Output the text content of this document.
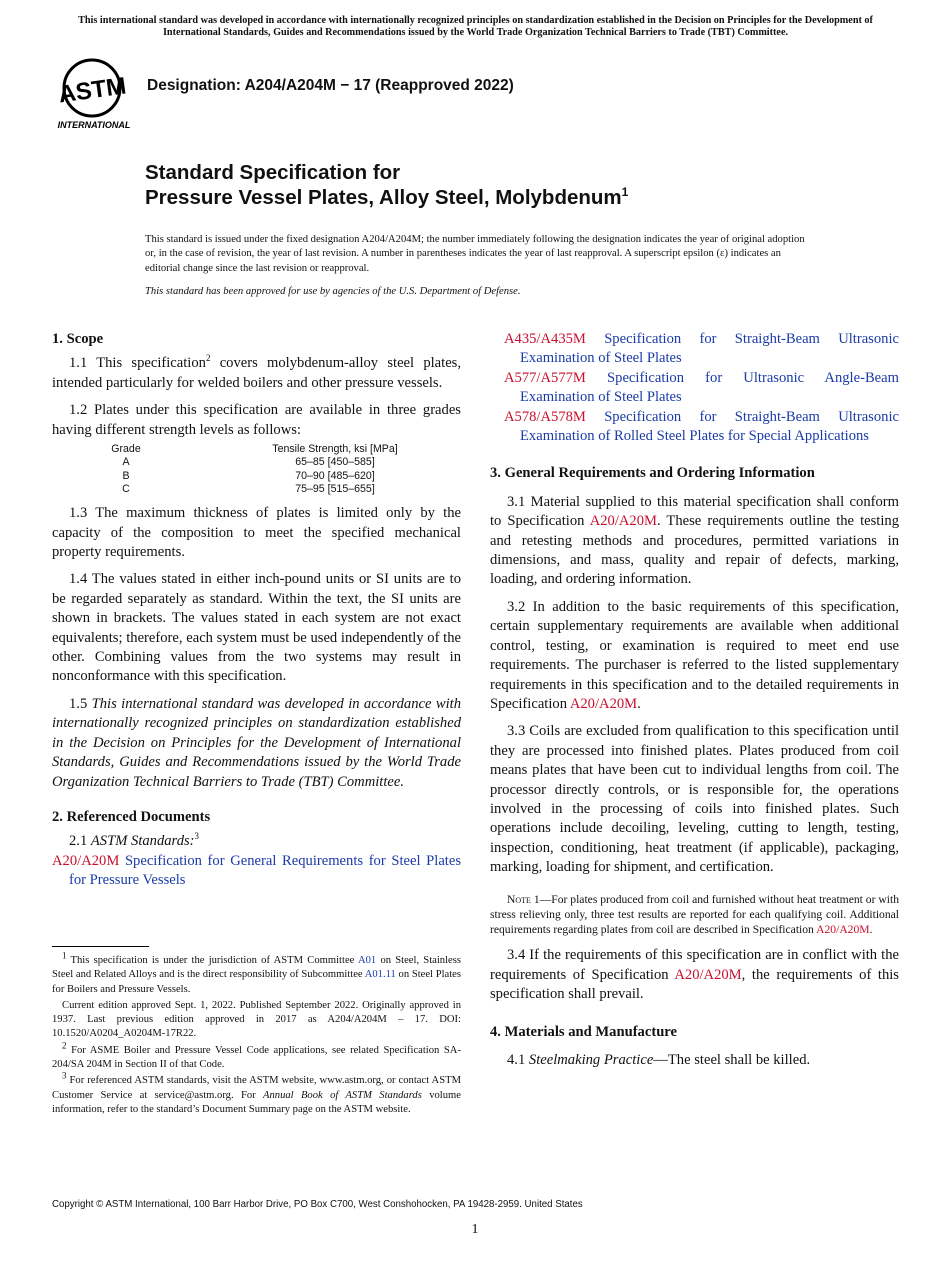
This international standard was developed in accordance with internationally recognized principles on standardization established in the Decision on Principles for the Development of International Standards, Guides and Recommendations issued by the World Trade Organization Technical Barriers to Trade (TBT) Committee.
ASTM
INTERNATIONAL
Designation: A204/A204M − 17 (Reapproved 2022)
Standard Specification for
Pressure Vessel Plates, Alloy Steel, Molybdenum$^1$
This standard is issued under the fixed designation A204/A204M; the number immediately following the designation indicates the year of original adoption or, in the case of revision, the year of last revision. A number in parentheses indicates the year of last reapproval. A superscript epsilon (ε) indicates an editorial change since the last revision or reapproval.
This standard has been approved for use by agencies of the U.S. Department of Defense.
1. Scope

1.1 This specification$^2$ covers molybdenum-alloy steel plates, intended particularly for welded boilers and other pressure vessels.

1.2 Plates under this specification are available in three grades having different strength levels as follows:

Grade	Tensile Strength, ksi [MPa]
A	65–85 [450–585]
B	70–90 [485–620]
C	75–95 [515–655]

1.3 The maximum thickness of plates is limited only by the capacity of the composition to meet the specified mechanical property requirements.

1.4 The values stated in either inch-pound units or SI units are to be regarded separately as standard. Within the text, the SI units are shown in brackets. The values stated in each system are not exact equivalents; therefore, each system must be used independently of the other. Combining values from the two systems may result in nonconformance with this specification.

1.5 This international standard was developed in accordance with internationally recognized principles on standardization established in the Decision on Principles for the Development of International Standards, Guides and Recommendations issued by the World Trade Organization Technical Barriers to Trade (TBT) Committee.

2. Referenced Documents

2.1 ASTM Standards:$^3$

A20/A20M Specification for General Requirements for Steel Plates for Pressure Vessels

$^1$ This specification is under the jurisdiction of ASTM Committee A01 on Steel, Stainless Steel and Related Alloys and is the direct responsibility of Subcommittee A01.11 on Steel Plates for Boilers and Pressure Vessels.

Current edition approved Sept. 1, 2022. Published September 2022. Originally approved in 1937. Last previous edition approved in 2017 as A204/A204M – 17. DOI: 10.1520/A0204_A0204M-17R22.

$^2$ For ASME Boiler and Pressure Vessel Code applications, see related Specification SA-204/SA 204M in Section II of that Code.

$^3$ For referenced ASTM standards, visit the ASTM website, www.astm.org, or contact ASTM Customer Service at service@astm.org. For Annual Book of ASTM Standards volume information, refer to the standard’s Document Summary page on the ASTM website.

A435/A435M Specification for Straight-Beam Ultrasonic Examination of Steel Plates
A577/A577M Specification for Ultrasonic Angle-Beam Examination of Steel Plates
A578/A578M Specification for Straight-Beam Ultrasonic Examination of Rolled Steel Plates for Special Applications
3. General Requirements and Ordering Information

3.1 Material supplied to this material specification shall conform to Specification A20/A20M. These requirements outline the testing and retesting methods and procedures, permitted variations in dimensions, and mass, quality and repair of defects, marking, loading, and ordering information.

3.2 In addition to the basic requirements of this specification, certain supplementary requirements are available when additional control, testing, or examination is required to meet end use requirements. The purchaser is referred to the listed supplementary requirements in this specification and to the detailed requirements in Specification A20/A20M.

3.3 Coils are excluded from qualification to this specification until they are processed into finished plates. Plates produced from coil means plates that have been cut to individual lengths from coil. The processor directly controls, or is responsible for, the operations involved in the processing of coils into finished plates. Such operations include decoiling, leveling, cutting to length, testing, inspection, conditioning, heat treatment (if applicable), packaging, marking, loading for shipment, and certification.

Note 1—For plates produced from coil and furnished without heat treatment or with stress relieving only, three test results are reported for each qualifying coil. Additional requirements regarding plates from coil are described in Specification A20/A20M.

3.4 If the requirements of this specification are in conflict with the requirements of Specification A20/A20M, the requirements of this specification shall prevail.

4. Materials and Manufacture

4.1 Steelmaking Practice—The steel shall be killed.

Copyright © ASTM International, 100 Barr Harbor Drive, PO Box C700, West Conshohocken, PA 19428-2959. United States
1
